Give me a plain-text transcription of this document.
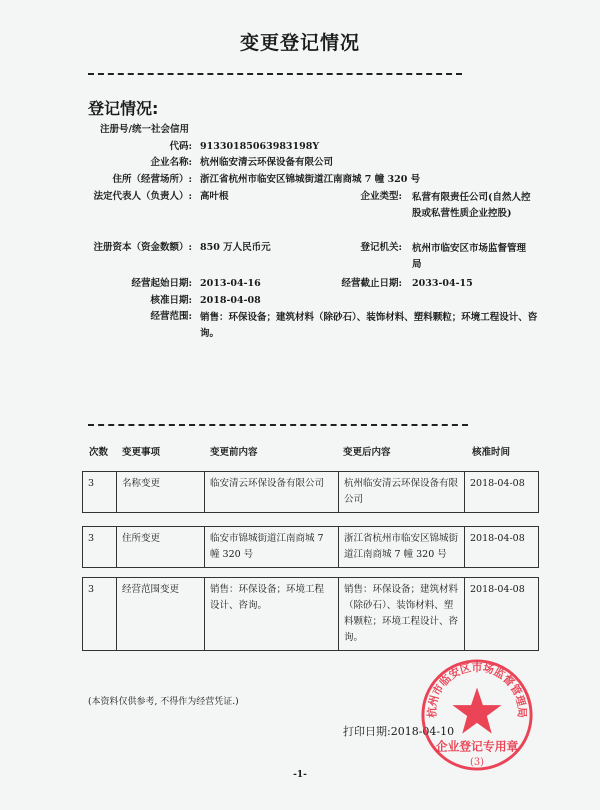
变更登记情况
登记情况:
注册号/统一社会信用
代码: 91330185063983198Y
企业名称: 杭州临安清云环保设备有限公司
住所（经营场所）: 浙江省杭州市临安区锦城街道江南商城 7 幢 320 号
法定代表人（负责人）: 高叶根	企业类型: 私营有限责任公司(自然人控股或私营性质企业控股)
注册资本（资金数额）: 850 万人民币元	登记机关: 杭州市临安区市场监督管理局
经营起始日期: 2013-04-16	经营截止日期: 2033-04-15
核准日期: 2018-04-08
经营范围: 销售：环保设备；建筑材料（除砂石）、装饰材料、塑料颗粒；环境工程设计、咨询。
次数 变更事项	变更前内容	变更后内容	核准时间
3	名称变更	临安清云环保设备有限公司	杭州临安清云环保设备有限公司	2018-04-08
3	住所变更	临安市锦城街道江南商城 7 幢 320 号	浙江省杭州市临安区锦城街道江南商城 7 幢 320 号	2018-04-08
3	经营范围变更	销售：环保设备；环境工程设计、咨询。	销售：环保设备；建筑材料（除砂石）、装饰材料、塑料颗粒；环境工程设计、咨询。	2018-04-08
(本资料仅供参考, 不得作为经营凭证.)
打印日期:2018-04-10
-1-
杭州市临安区市场监督管理局
企业登记专用章
(3)
